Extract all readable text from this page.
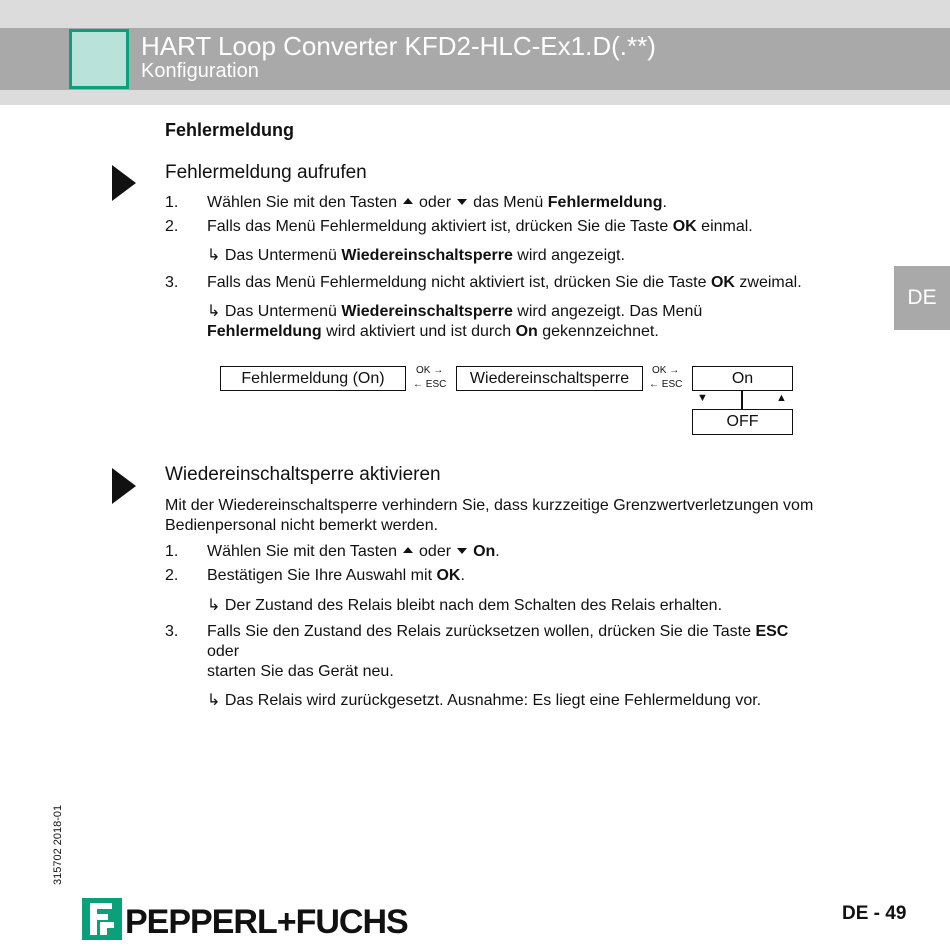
HART Loop Converter KFD2-HLC-Ex1.D(.**)
Konfiguration
DE
Fehlermeldung
Fehlermeldung aufrufen
1. Wählen Sie mit den Tasten oder das Menü Fehlermeldung.
2. Falls das Menü Fehlermeldung aktiviert ist, drücken Sie die Taste OK einmal.
↳ Das Untermenü Wiedereinschaltsperre wird angezeigt.
3. Falls das Menü Fehlermeldung nicht aktiviert ist, drücken Sie die Taste OK zweimal.
↳ Das Untermenü Wiedereinschaltsperre wird angezeigt. Das Menü
Fehlermeldung wird aktiviert und ist durch On gekennzeichnet.
Fehlermeldung (On)	OK →
← ESC	Wiedereinschaltsperre	OK →
← ESC	On
▼	▲
OFF
Wiedereinschaltsperre aktivieren
Mit der Wiedereinschaltsperre verhindern Sie, dass kurzzeitige Grenzwertverletzungen vom
Bedienpersonal nicht bemerkt werden.
1. Wählen Sie mit den Tasten oder On.
2. Bestätigen Sie Ihre Auswahl mit OK.
↳ Der Zustand des Relais bleibt nach dem Schalten des Relais erhalten.
3. Falls Sie den Zustand des Relais zurücksetzen wollen, drücken Sie die Taste ESC
oder
starten Sie das Gerät neu.
↳ Das Relais wird zurückgesetzt. Ausnahme: Es liegt eine Fehlermeldung vor.
315702 2018-01
PEPPERL+FUCHS	DE - 49
